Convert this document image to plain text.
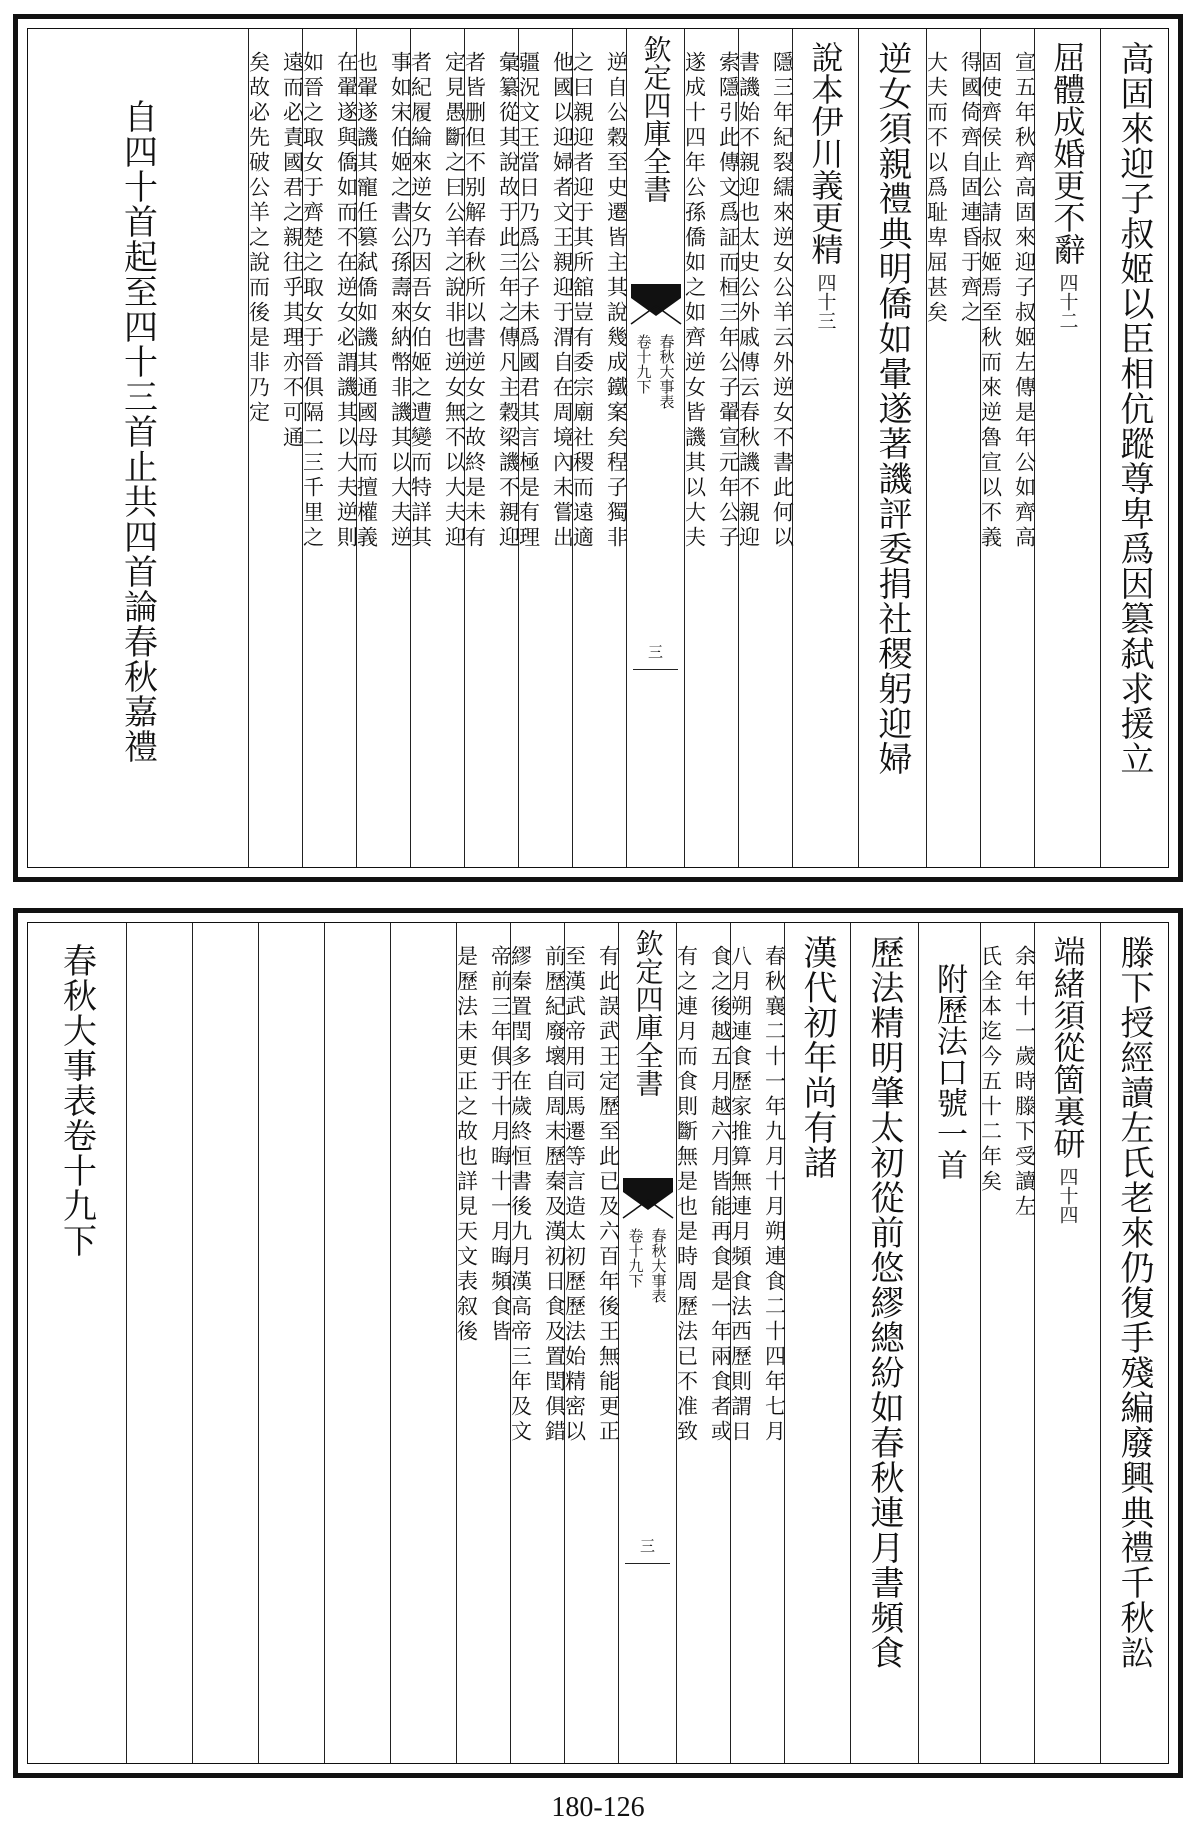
高固來迎子叔姬以臣相伉蹤尊卑爲因篡弑求援立
屈體成婚更不辭四十二
宣五年秋齊高固來迎子叔姬左傳是年公如齊高
固使齊侯止公請叔姬焉至秋而來逆魯宣以不義
得國倚齊自固連昏于齊之
大夫而不以爲耻卑屈甚矣
逆女須親禮典明僑如暈遂著譏評委捐社稷躬迎婦
說本伊川義更精四十三
隱三年紀裂繻來逆女公羊云外逆女不書此何以
書譏始不親迎也太史公外戚傳云春秋譏不親迎
索隱引此傳文爲証而桓三年公子翬宣元年公子
遂成十四年公孫僑如之如齊逆女皆譏其以大夫
欽定四庫全書
春秋大事表
卷十九下
三
逆自公穀至史遷皆主其說幾成鐵案矣程子獨非
之曰親迎者迎于其所舘豈有委宗廟社稷而遠適
他國以迎婦者文王親迎于渭自在周境內未嘗出
疆況文王當日乃爲公子未爲國君其言極是有理
彙纂從其說故于此三年之傳凡主穀梁譏不親迎
者皆删但不别解春秋所以書逆女之故終是未有
定見愚斷之曰公羊之說非也逆女無不以大夫迎
者紀履綸來逆女乃因吾女伯姬之遭變而特詳其
事如宋伯姬之書公孫壽來納幣非譏其以大夫逆
也翬遂譏其寵任篡弑僑如譏其通國母而擅權義
在翬遂與僑如而不在逆女必謂譏其以大夫逆則
如晉之取女于齊楚之取女于晉俱隔二三千里之
遠而必責國君之親往乎其理亦不可通
矣故必先破公羊之說而後是非乃定
自四十首起至四十三首止共四首論春秋嘉禮
滕下授經讀左氏老來仍復手殘編廢興典禮千秋訟
端緒須從箇裏研四十四
余年十一歲時滕下受讀左
氏全本迄今五十二年矣
附歷法口號一首
歷法精明肇太初從前悠繆總紛如春秋連月書頻食
漢代初年尚有諸
春秋襄二十一年九月十月朔連食二十四年七月
八月朔連食歷家推算無連月頻食法西歷則謂日
食之後越五月越六月皆能再食是一年兩食者或
有之連月而食則斷無是也是時周歷法已不准致
欽定四庫全書
春秋大事表
卷十九下
三
有此誤武王定歷至此已及六百年後王無能更正
至漢武帝用司馬遷等言造太初歷歷法始精密以
前歷紀廢壞自周末歷秦及漢初日食及置閏俱錯
繆秦置閏多在歲終恒書後九月漢高帝三年及文
帝前三年俱于十月晦十一月晦頻食皆
是歷法未更正之故也詳見天文表叙後
春秋大事表卷十九下
180-126
